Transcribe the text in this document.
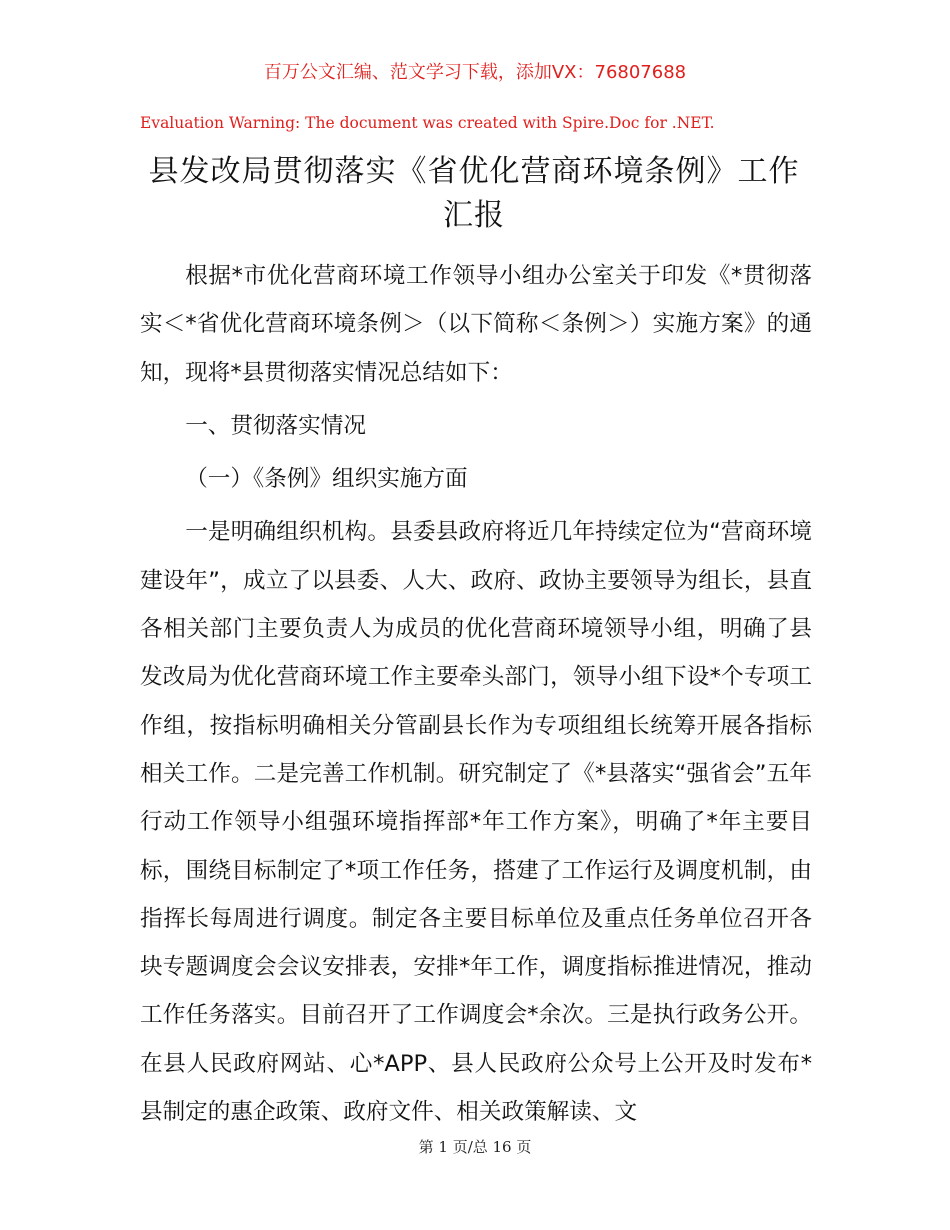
百万公文汇编、范文学习下载，添加VX：76807688
Evaluation Warning: The document was created with Spire.Doc for .NET.
县发改局贯彻落实《省优化营商环境条例》工作汇报

根据*市优化营商环境工作领导小组办公室关于印发《*贯彻落实＜*省优化营商环境条例＞（以下简称＜条例＞）实施方案》的通知，现将*县贯彻落实情况总结如下：

一、贯彻落实情况

（一）《条例》组织实施方面

一是明确组织机构。县委县政府将近几年持续定位为“营商环境建设年”，成立了以县委、人大、政府、政协主要领导为组长，县直各相关部门主要负责人为成员的优化营商环境领导小组，明确了县发改局为优化营商环境工作主要牵头部门，领导小组下设*个专项工作组，按指标明确相关分管副县长作为专项组组长统筹开展各指标相关工作。二是完善工作机制。研究制定了《*县落实“强省会”五年行动工作领导小组强环境指挥部*年工作方案》，明确了*年主要目标，围绕目标制定了*项工作任务，搭建了工作运行及调度机制，由指挥长每周进行调度。制定各主要目标单位及重点任务单位召开各块专题调度会会议安排表，安排*年工作，调度指标推进情况，推动工作任务落实。目前召开了工作调度会*余次。三是执行政务公开。在县人民政府网站、心*APP、县人民政府公众号上公开及时发布*县制定的惠企政策、政府文件、相关政策解读、文

第 1 页/总 16 页
